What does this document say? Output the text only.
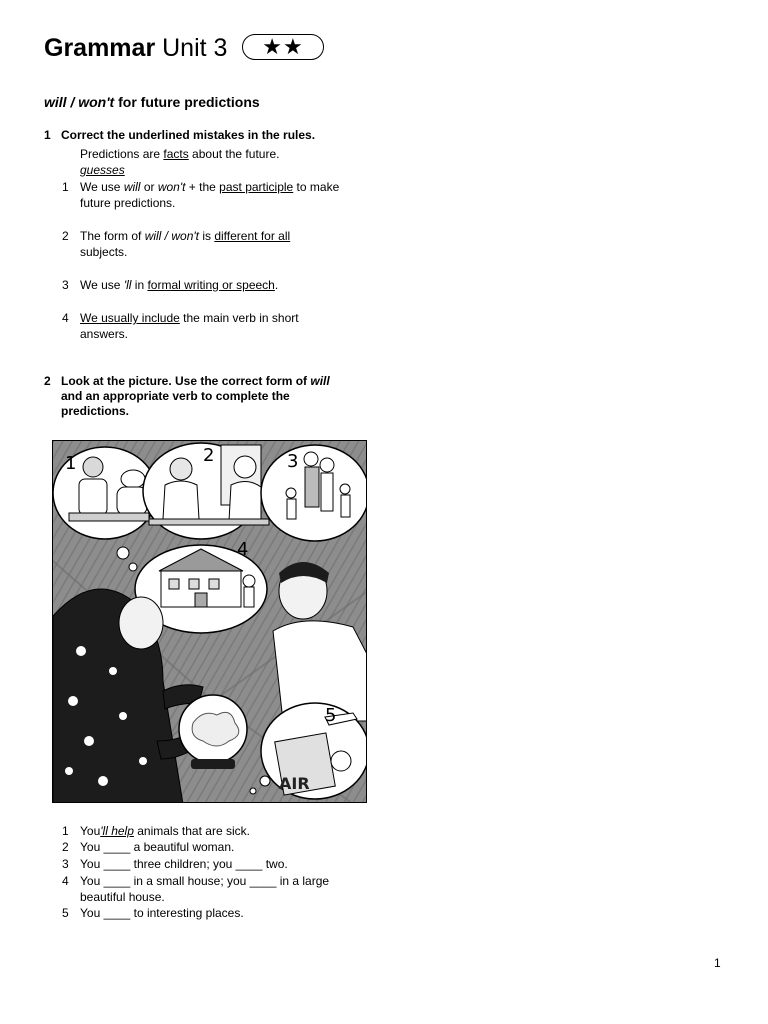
Grammar Unit 3 ★★
will / won't for future predictions
1 Correct the underlined mistakes in the rules.
Predictions are facts about the future.
guesses
1 We use will or won't + the past participle to make
future predictions.
2 The form of will / won't is different for all
subjects.
3 We use 'll in formal writing or speech.
4 We usually include the main verb in short
answers.
2 Look at the picture. Use the correct form of will
and an appropriate verb to complete the
predictions.
AIR
1	2	3
4
5
1 You'll help animals that are sick.
2 You ____ a beautiful woman.
3 You ____ three children; you ____ two.
4 You ____ in a small house; you ____ in a large
beautiful house.
5 You ____ to interesting places.
1
